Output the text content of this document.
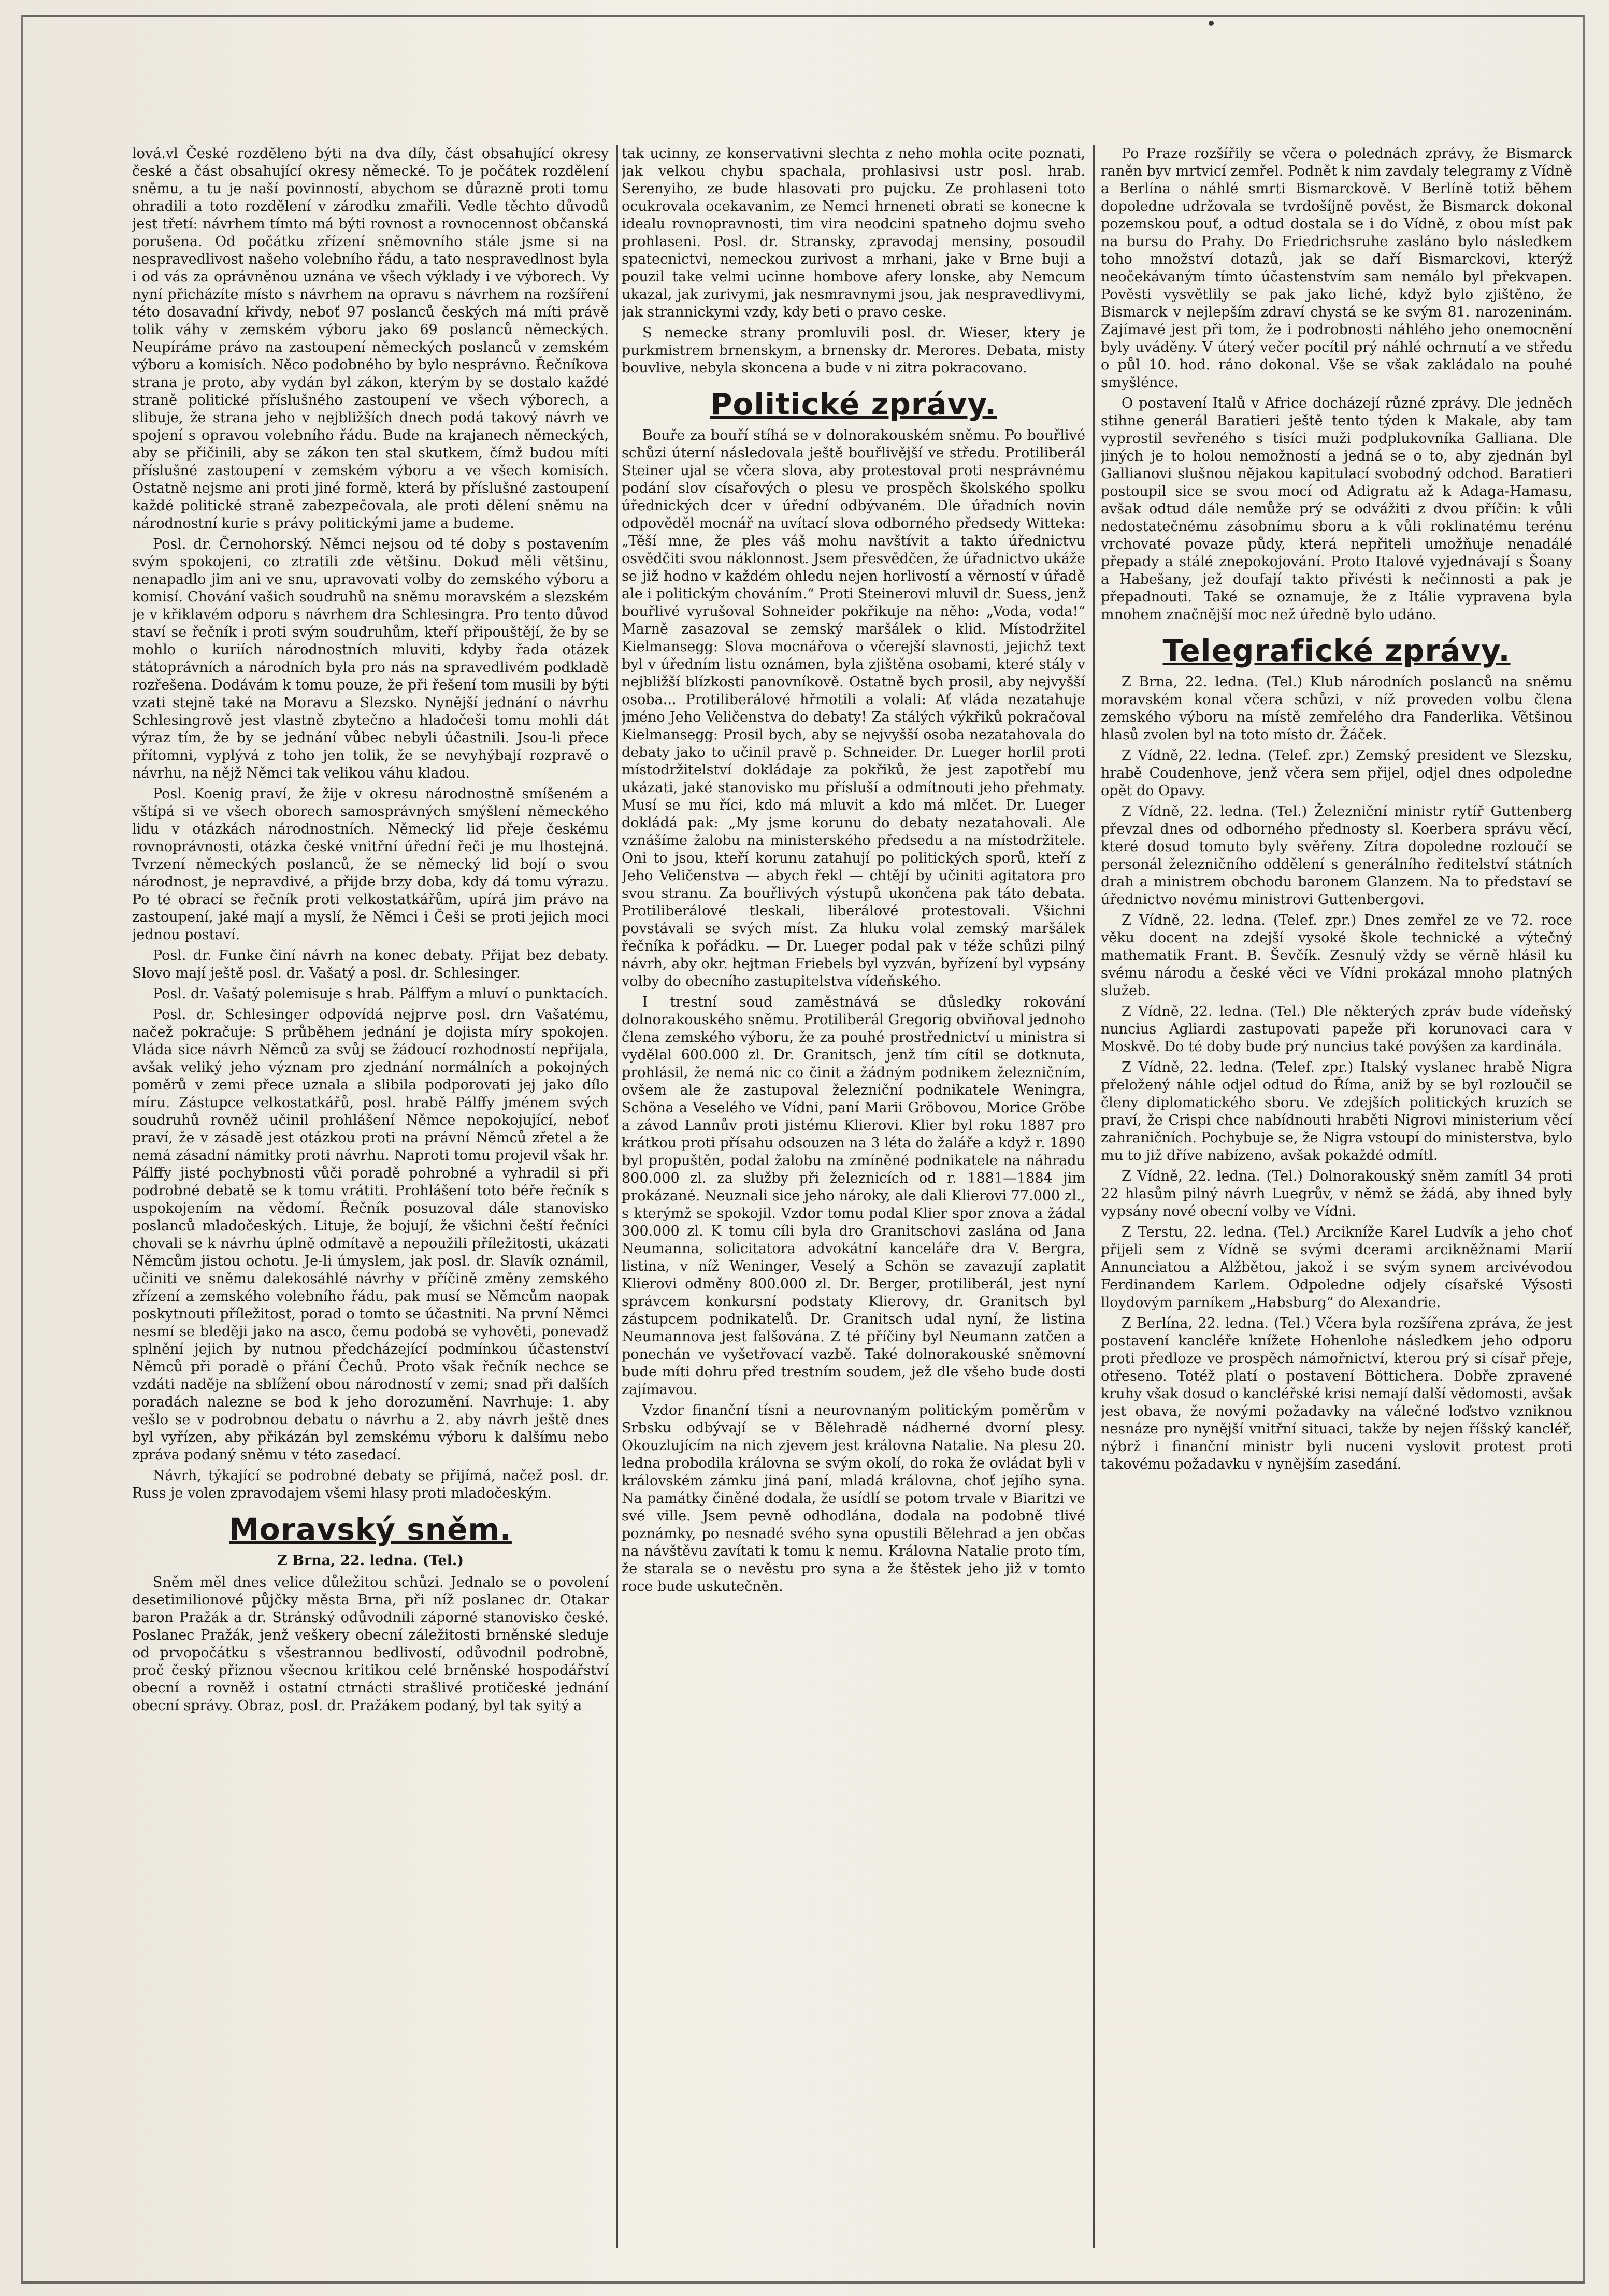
lová.vl České rozděleno býti na dva díly, část obsahující okresy české a část obsahující okresy německé. To je počátek rozdělení sněmu, a tu je naší povinností, abychom se důrazně proti tomu ohradili a toto rozdělení v zárodku zmařili. Vedle těchto důvodů jest třetí: návrhem tímto má býti rovnost a rovnocennost občanská porušena. Od počátku zřízení sněmovního stále jsme si na nespravedlivost našeho volebního řádu, a tato nespravedlnost byla i od vás za oprávněnou uznána ve všech výklady i ve výborech. Vy nyní přicházíte místo s návrhem na opravu s návrhem na rozšíření této dosavadní křivdy, neboť 97 poslanců českých má míti právě tolik váhy v zemském výboru jako 69 poslanců německých. Neupíráme právo na zastoupení německých poslanců v zemském výboru a komisích. Něco podobného by bylo nesprávno. Řečníkova strana je proto, aby vydán byl zákon, kterým by se dostalo každé straně politické příslušného zastoupení ve všech výborech, a slibuje, že strana jeho v nejbližších dnech podá takový návrh ve spojení s opravou volebního řádu. Bude na krajanech německých, aby se přičinili, aby se zákon ten stal skutkem, čímž budou míti příslušné zastoupení v zemském výboru a ve všech komisích. Ostatně nejsme ani proti jiné formě, která by příslušné zastoupení každé politické straně zabezpečovala, ale proti dělení sněmu na národnostní kurie s právy politickými jame a budeme.

Posl. dr. Černohorský. Němci nejsou od té doby s postavením svým spokojeni, co ztratili zde většinu. Dokud měli většinu, nenapadlo jim ani ve snu, upravovati volby do zemského výboru a komisí. Chování vašich soudruhů na sněmu moravském a slezském je v křiklavém odporu s návrhem dra Schlesingra. Pro tento důvod staví se řečník i proti svým soudruhům, kteří připouštějí, že by se mohlo o kuriích národnostních mluviti, kdyby řada otázek státoprávních a národních byla pro nás na spravedlivém podkladě rozřešena. Dodávám k tomu pouze, že při řešení tom musili by býti vzati stejně také na Moravu a Slezsko. Nynější jednání o návrhu Schlesingrově jest vlastně zbytečno a hladočeši tomu mohli dát výraz tím, že by se jednání vůbec nebyli účastnili. Jsou-li přece přítomni, vyplývá z toho jen tolik, že se nevyhýbají rozpravě o návrhu, na nějž Němci tak velikou váhu kladou.

Posl. Koenig praví, že žije v okresu národnostně smíšeném a vštípá si ve všech oborech samosprávných smýšlení německého lidu v otázkách národnostních. Německý lid přeje českému rovnoprávnosti, otázka české vnitřní úřední řeči je mu lhostejná. Tvrzení německých poslanců, že se německý lid bojí o svou národnost, je nepravdivé, a přijde brzy doba, kdy dá tomu výrazu. Po té obrací se řečník proti velkostatkářům, upírá jim právo na zastoupení, jaké mají a myslí, že Němci i Češi se proti jejich moci jednou postaví.

Posl. dr. Funke činí návrh na konec debaty. Přijat bez debaty. Slovo mají ještě posl. dr. Vašatý a posl. dr. Schlesinger.

Posl. dr. Vašatý polemisuje s hrab. Pálffym a mluví o punktacích.

Posl. dr. Schlesinger odpovídá nejprve posl. drn Vašatému, načež pokračuje: S průběhem jednání je dojista míry spokojen. Vláda sice návrh Němců za svůj se žádoucí rozhodností nepřijala, avšak veliký jeho význam pro zjednání normálních a pokojných poměrů v zemi přece uznala a slibila podporovati jej jako dílo míru. Zástupce velkostatkářů, posl. hrabě Pálffy jménem svých soudruhů rovněž učinil prohlášení Němce nepokojující, neboť praví, že v zásadě jest otázkou proti na právní Němců zřetel a že nemá zásadní námitky proti návrhu. Naproti tomu projevil však hr. Pálffy jisté pochybnosti vůči poradě pohrobné a vyhradil si při podrobné debatě se k tomu vrátiti. Prohlášení toto béře řečník s uspokojením na vědomí. Řečník posuzoval dále stanovisko poslanců mladočeských. Lituje, že bojují, že všichni čeští řečníci chovali se k návrhu úplně odmítavě a nepoužili příležitosti, ukázati Němcům jistou ochotu. Je-li úmyslem, jak posl. dr. Slavík oznámil, učiniti ve sněmu dalekosáhlé návrhy v příčině změny zemského zřízení a zemského volebního řádu, pak musí se Němcům naopak poskytnouti příležitost, porad o tomto se účastniti. Na první Němci nesmí se bleději jako na asco, čemu podobá se vyhověti, ponevadž splnění jejich by nutnou předcházející podmínkou účastenství Němců při poradě o přání Čechů. Proto však řečník nechce se vzdáti naděje na sblížení obou národností v zemi; snad při dalších poradách nalezne se bod k jeho dorozumění. Navrhuje: 1. aby vešlo se v podrobnou debatu o návrhu a 2. aby návrh ještě dnes byl vyřízen, aby přikázán byl zemskému výboru k dalšímu nebo zpráva podaný sněmu v této zasedací.

Návrh, týkající se podrobné debaty se přijímá, načež posl. dr. Russ je volen zpravodajem všemi hlasy proti mladočeským.

Moravský sněm.
Z Brna, 22. ledna. (Tel.)

Sněm měl dnes velice důležitou schůzi. Jednalo se o povolení desetimilionové půjčky města Brna, při níž poslanec dr. Otakar baron Pražák a dr. Stránský odůvodnili záporné stanovisko české. Poslanec Pražák, jenž veškery obecní záležitosti brněnské sleduje od prvopočátku s všestrannou bedlivostí, odůvodnil podrobně, proč český přiznou všecnou kritikou celé brněnské hospodářství obecní a rovněž i ostatní ctrnácti strašlivé protičeské jednání obecní správy. Obraz, posl. dr. Pražákem podaný, byl tak syitý a

tak ucinny, ze konservativni slechta z neho mohla ocite poznati, jak velkou chybu spachala, prohlasivsi ustr posl. hrab. Serenyiho, ze bude hlasovati pro pujcku. Ze prohlaseni toto ocukrovala ocekavanim, ze Nemci hrneneti obrati se konecne k idealu rovnopravnosti, tim vira neodcini spatneho dojmu sveho prohlaseni. Posl. dr. Stransky, zpravodaj mensiny, posoudil spatecnictvi, nemeckou zurivost a mrhani, jake v Brne buji a pouzil take velmi ucinne hombove afery lonske, aby Nemcum ukazal, jak zurivymi, jak nesmravnymi jsou, jak nespravedlivymi, jak strannickymi vzdy, kdy beti o pravo ceske.

S nemecke strany promluvili posl. dr. Wieser, ktery je purkmistrem brnenskym, a brnensky dr. Merores. Debata, misty bouvlive, nebyla skoncena a bude v ni zitra pokracovano.

Politické zprávy.

Bouře za bouří stíhá se v dolnorakouském sněmu. Po bouřlivé schůzi úterní následovala ještě bouřlivější ve středu. Protiliberál Steiner ujal se včera slova, aby protestoval proti nesprávnému podání slov císařových o plesu ve prospěch školského spolku úřednických dcer v úřední odbývaném. Dle úřadních novin odpověděl mocnář na uvítací slova odborného předsedy Witteka: „Těší mne, že ples váš mohu navštívit a takto úřednictvu osvědčiti svou náklonnost. Jsem přesvědčen, že úřadnictvo ukáže se již hodno v každém ohledu nejen horlivostí a věrností v úřadě ale i politickým chováním.“ Proti Steinerovi mluvil dr. Suess, jenž bouřlivé vyrušoval Sohneider pokřikuje na něho: „Voda, voda!“ Marně zasazoval se zemský maršálek o klid. Místodržitel Kielmansegg: Slova mocnářova o včerejší slavnosti, jejichž text byl v úředním listu oznámen, byla zjištěna osobami, které stály v nejbližší blízkosti panovníkově. Ostatně bych prosil, aby nejvyšší osoba... Protiliberálové hřmotili a volali: Ať vláda nezatahuje jméno Jeho Veličenstva do debaty! Za stálých výkřiků pokračoval Kielmansegg: Prosil bych, aby se nejvyšší osoba nezatahovala do debaty jako to učinil pravě p. Schneider. Dr. Lueger horlil proti místodržitelství dokládaje za pokřiků, že jest zapotřebí mu ukázati, jaké stanovisko mu přísluší a odmítnouti jeho přehmaty. Musí se mu říci, kdo má mluvit a kdo má mlčet. Dr. Lueger dokládá pak: „My jsme korunu do debaty nezatahovali. Ale vznášíme žalobu na ministerského předsedu a na místodržitele. Oni to jsou, kteří korunu zatahují po politických sporů, kteří z Jeho Veličenstva — abych řekl — chtějí by učiniti agitatora pro svou stranu. Za bouřlivých výstupů ukončena pak táto debata. Protiliberálové tleskali, liberálové protestovali. Všichni povstávali se svých míst. Za hluku volal zemský maršálek řečníka k pořádku. — Dr. Lueger podal pak v téže schůzi pilný návrh, aby okr. hejtman Friebels byl vyzván, byřízení byl vypsány volby do obecního zastupitelstva vídeňského.

I trestní soud zaměstnává se důsledky rokování dolnorakouského sněmu. Protiliberál Gregorig obviňoval jednoho člena zemského výboru, že za pouhé prostřednictví u ministra si vydělal 600.000 zl. Dr. Granitsch, jenž tím cítil se dotknuta, prohlásil, že nemá nic co činit a žádným podnikem železničním, ovšem ale že zastupoval železniční podnikatele Weningra, Schöna a Veselého ve Vídni, paní Marii Gröbovou, Morice Gröbe a závod Lannův proti jistému Klierovi. Klier byl roku 1887 pro krátkou proti přísahu odsouzen na 3 léta do žaláře a když r. 1890 byl propuštěn, podal žalobu na zmíněné podnikatele na náhradu 800.000 zl. za služby při železnicích od r. 1881—1884 jim prokázané. Neuznali sice jeho nároky, ale dali Klierovi 77.000 zl., s kterýmž se spokojil. Vzdor tomu podal Klier spor znova a žádal 300.000 zl. K tomu cíli byla dro Granitschovi zaslána od Jana Neumanna, solicitatora advokátní kanceláře dra V. Bergra, listina, v níž Weninger, Veselý a Schön se zavazují zaplatit Klierovi odměny 800.000 zl. Dr. Berger, protiliberál, jest nyní správcem konkursní podstaty Klierovy, dr. Granitsch byl zástupcem podnikatelů. Dr. Granitsch udal nyní, že listina Neumannova jest falšována. Z té příčiny byl Neumann zatčen a ponechán ve vyšetřovací vazbě. Také dolnorakouské sněmovní bude míti dohru před trestním soudem, jež dle všeho bude dosti zajímavou.

Vzdor finanční tísni a neurovnaným politickým poměrům v Srbsku odbývají se v Bělehradě nádherné dvorní plesy. Okouzlujícím na nich zjevem jest královna Natalie. Na plesu 20. ledna probodila královna se svým okolí, do roka že ovládat byli v královském zámku jiná paní, mladá královna, choť jejího syna. Na památky činěné dodala, že usídlí se potom trvale v Biaritzi ve své ville. Jsem pevně odhodlána, dodala na podobně tlivé poznámky, po nesnadé svého syna opustili Bělehrad a jen občas na návštěvu zavítati k tomu k nemu. Královna Natalie proto tím, že starala se o nevěstu pro syna a že štěstek jeho již v tomto roce bude uskutečněn.

Po Praze rozšířily se včera o polednách zprávy, že Bismarck raněn byv mrtvicí zemřel. Podnět k nim zavdaly telegramy z Vídně a Berlína o náhlé smrti Bismarckově. V Berlíně totiž během dopoledne udržovala se tvrdošíjně pověst, že Bismarck dokonal pozemskou pouť, a odtud dostala se i do Vídně, z obou míst pak na bursu do Prahy. Do Friedrichsruhe zasláno bylo následkem toho množství dotazů, jak se daří Bismarckovi, kterýž neočekávaným tímto účastenstvím sam nemálo byl překvapen. Pověsti vysvětlily se pak jako liché, když bylo zjištěno, že Bismarck v nejlepším zdraví chystá se ke svým 81. narozeninám. Zajímavé jest při tom, že i podrobnosti náhlého jeho onemocnění byly uváděny. V úterý večer pocítil prý náhlé ochrnutí a ve středu o půl 10. hod. ráno dokonal. Vše se však zakládalo na pouhé smyšlénce.

O postavení Italů v Africe docházejí různé zprávy. Dle jedněch stihne generál Baratieri ještě tento týden k Makale, aby tam vyprostil sevřeného s tisíci muži podplukovníka Galliana. Dle jiných je to holou nemožností a jedná se o to, aby zjednán byl Gallianovi slušnou nějakou kapitulací svobodný odchod. Baratieri postoupil sice se svou mocí od Adigratu až k Adaga-Hamasu, avšak odtud dále nemůže prý se odvážiti z dvou příčin: k vůli nedostatečnému zásobnímu sboru a k vůli roklinatému terénu vrchovaté povaze půdy, která nepřiteli umožňuje nenadálé přepady a stálé znepokojování. Proto Italové vyjednávají s Šoany a Habešany, jež doufají takto přivésti k nečinnosti a pak je přepadnouti. Také se oznamuje, že z Itálie vypravena byla mnohem značnější moc než úředně bylo udáno.

Telegrafické zprávy.

Z Brna, 22. ledna. (Tel.) Klub národních poslanců na sněmu moravském konal včera schůzi, v níž proveden volbu člena zemského výboru na místě zemřelého dra Fanderlika. Většinou hlasů zvolen byl na toto místo dr. Žáček.

Z Vídně, 22. ledna. (Telef. zpr.) Zemský president ve Slezsku, hrabě Coudenhove, jenž včera sem přijel, odjel dnes odpoledne opět do Opavy.

Z Vídně, 22. ledna. (Tel.) Železniční ministr rytíř Guttenberg převzal dnes od odborného přednosty sl. Koerbera správu věcí, které dosud tomuto byly svěřeny. Zítra dopoledne rozloučí se personál železničního oddělení s generálního ředitelství státních drah a ministrem obchodu baronem Glanzem. Na to představí se úřednictvo novému ministrovi Guttenbergovi.

Z Vídně, 22. ledna. (Telef. zpr.) Dnes zemřel ze ve 72. roce věku docent na zdejší vysoké škole technické a výtečný mathematik Frant. B. Ševčík. Zesnulý vždy se věrně hlásil ku svému národu a české věci ve Vídni prokázal mnoho platných služeb.

Z Vídně, 22. ledna. (Tel.) Dle některých zpráv bude vídeňský nuncius Agliardi zastupovati papeže při korunovaci cara v Moskvě. Do té doby bude prý nuncius také povýšen za kardinála.

Z Vídně, 22. ledna. (Telef. zpr.) Italský vyslanec hrabě Nigra přeložený náhle odjel odtud do Říma, aniž by se byl rozloučil se členy diplomatického sboru. Ve zdejších politických kruzích se praví, že Crispi chce nabídnouti hraběti Nigrovi ministerium věcí zahraničních. Pochybuje se, že Nigra vstoupí do ministerstva, bylo mu to již dříve nabízeno, avšak pokaždé odmítl.

Z Vídně, 22. ledna. (Tel.) Dolnorakouský sněm zamítl 34 proti 22 hlasům pilný návrh Luegrův, v němž se žádá, aby ihned byly vypsány nové obecní volby ve Vídni.

Z Terstu, 22. ledna. (Tel.) Arcikníže Karel Ludvík a jeho choť přijeli sem z Vídně se svými dcerami arcikněžnami Marií Annunciatou a Alžbětou, jakož i se svým synem arcivévodou Ferdinandem Karlem. Odpoledne odjely císařské Výsosti lloydovým parníkem „Habsburg“ do Alexandrie.

Z Berlína, 22. ledna. (Tel.) Včera byla rozšířena zpráva, že jest postavení kancléře knížete Hohenlohe následkem jeho odporu proti předloze ve prospěch námořnictví, kterou prý si císař přeje, otřeseno. Totéž platí o postavení Böttichera. Dobře zpravené kruhy však dosud o kancléřské krisi nemají další vědomosti, avšak jest obava, že novými požadavky na válečné loďstvo vzniknou nesnáze pro nynější vnitřní situaci, takže by nejen říšský kancléř, nýbrž i finanční ministr byli nuceni vyslovit protest proti takovému požadavku v nynějším zasedání.
